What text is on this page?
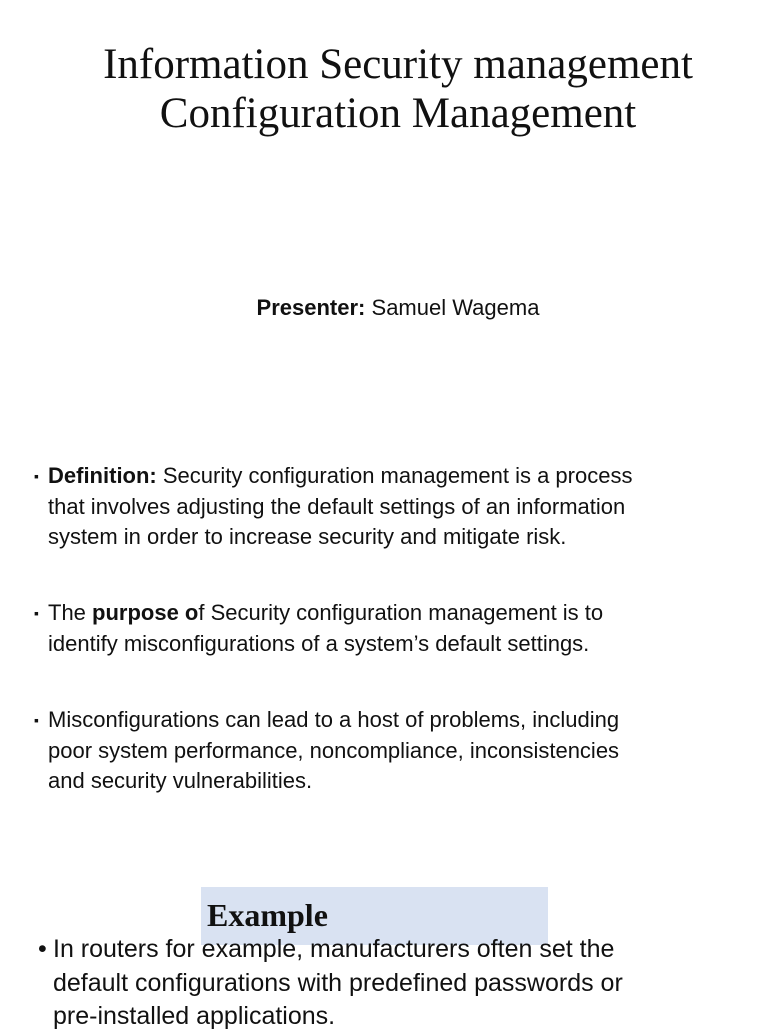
Information Security management
Configuration Management
Presenter: Samuel Wagema
▪ Definition: Security configuration management is a process
that involves adjusting the default settings of an information
system in order to increase security and mitigate risk.
▪ The purpose of Security configuration management is to
identify misconfigurations of a system’s default settings.
▪ Misconfigurations can lead to a host of problems, including
poor system performance, noncompliance, inconsistencies
and security vulnerabilities.
Example
• In routers for example, manufacturers often set the
default configurations with predefined passwords or
pre-installed applications.
